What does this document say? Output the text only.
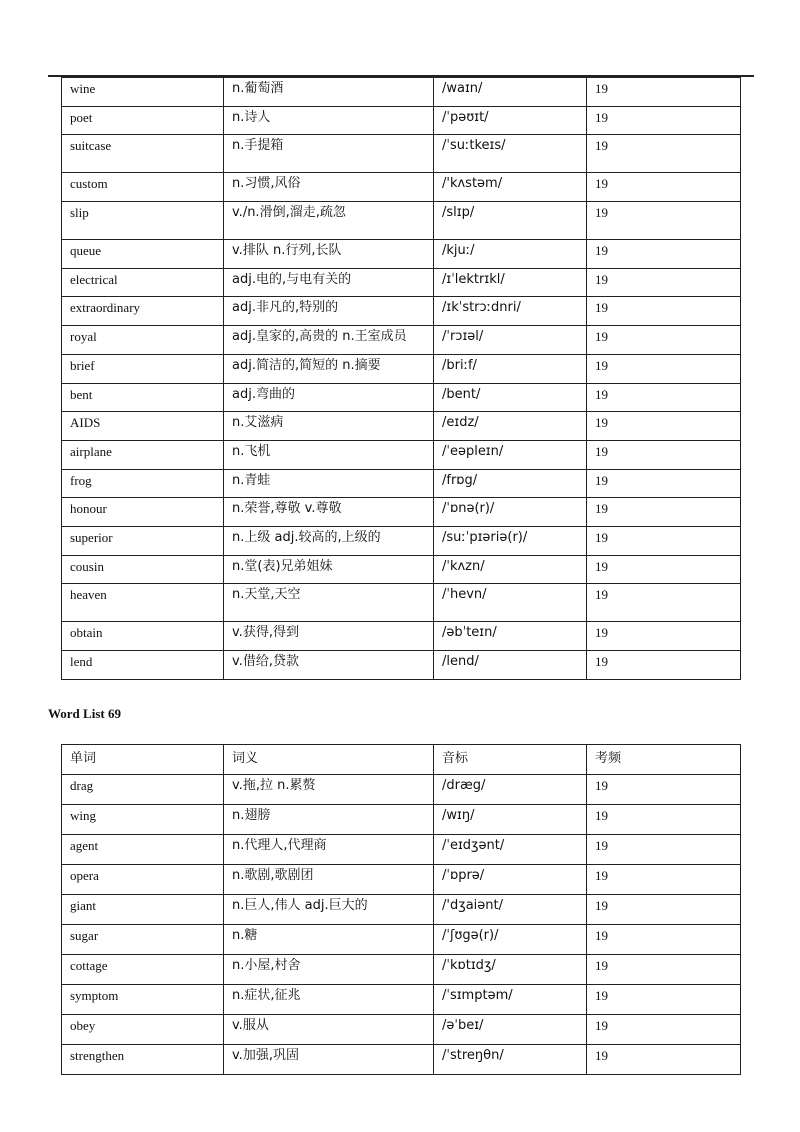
wine	n.葡萄酒	/waɪn/	19
poet	n.诗人	/ˈpəʊɪt/	19
suitcase	n.手提箱	/ˈsuːtkeɪs/	19
custom	n.习惯,风俗	/'kʌstəm/	19
slip	v./n.滑倒,溜走,疏忽	/slɪp/	19
queue	v.排队 n.行列,长队	/kjuː/	19
electrical	adj.电的,与电有关的	/ɪˈlektrɪkl/	19
extraordinary	adj.非凡的,特别的	/ɪkˈstrɔːdnri/	19
royal	adj.皇家的,高贵的 n.王室成员	/ˈrɔɪəl/	19
brief	adj.简洁的,简短的 n.摘要	/briːf/	19
bent	adj.弯曲的	/bent/	19
AIDS	n.艾滋病	/eɪdz/	19
airplane	n.飞机	/ˈeəpleɪn/	19
frog	n.青蛙	/frɒg/	19
honour	n.荣誉,尊敬 v.尊敬	/ˈɒnə(r)/	19
superior	n.上级 adj.较高的,上级的	/suːˈpɪəriə(r)/	19
cousin	n.堂(表)兄弟姐妹	/ˈkʌzn/	19
heaven	n.天堂,天空	/ˈhevn/	19
obtain	v.获得,得到	/əbˈteɪn/	19
lend	v.借给,贷款	/lend/	19
Word List 69
单词	词义	音标	考频
drag	v.拖,拉 n.累赘	/dræg/	19
wing	n.翅膀	/wɪŋ/	19
agent	n.代理人,代理商	/ˈeɪdʒənt/	19
opera	n.歌剧,歌剧团	/ˈɒprə/	19
giant	n.巨人,伟人 adj.巨大的	/'dʒaiənt/	19
sugar	n.糖	/ˈʃʊgə(r)/	19
cottage	n.小屋,村舍	/ˈkɒtɪdʒ/	19
symptom	n.症状,征兆	/ˈsɪmptəm/	19
obey	v.服从	/əˈbeɪ/	19
strengthen	v.加强,巩固	/ˈstreŋθn/	19
